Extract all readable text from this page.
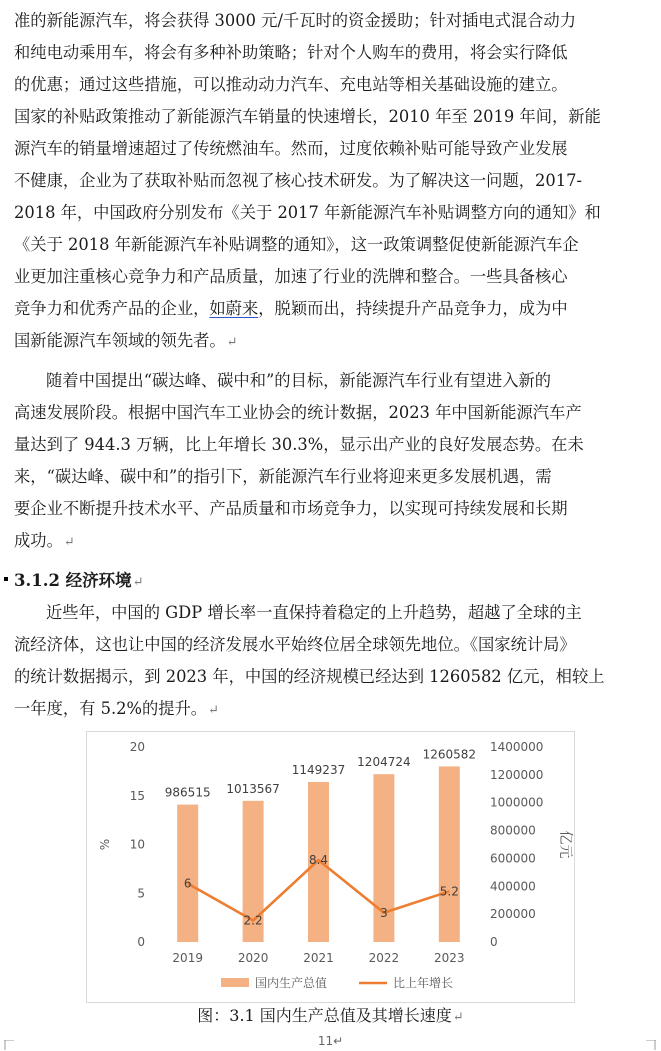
准的新能源汽车，将会获得 3000 元/千瓦时的资金援助；针对插电式混合动力
和纯电动乘用车，将会有多种补助策略；针对个人购车的费用，将会实行降低
的优惠；通过这些措施，可以推动动力汽车、充电站等相关基础设施的建立。
国家的补贴政策推动了新能源汽车销量的快速增长，2010 年至 2019 年间，新能
源汽车的销量增速超过了传统燃油车。然而，过度依赖补贴可能导致产业发展
不健康，企业为了获取补贴而忽视了核心技术研发。为了解决这一问题，2017-
2018 年，中国政府分别发布《关于 2017 年新能源汽车补贴调整方向的通知》和
《关于 2018 年新能源汽车补贴调整的通知》，这一政策调整促使新能源汽车企
业更加注重核心竞争力和产品质量，加速了行业的洗牌和整合。一些具备核心
竞争力和优秀产品的企业，如蔚来，脱颖而出，持续提升产品竞争力，成为中
国新能源汽车领域的领先者。↵
随着中国提出“碳达峰、碳中和”的目标，新能源汽车行业有望进入新的
高速发展阶段。根据中国汽车工业协会的统计数据，2023 年中国新能源汽车产
量达到了 944.3 万辆，比上年增长 30.3%，显示出产业的良好发展态势。在未
来，“碳达峰、碳中和”的指引下，新能源汽车行业将迎来更多发展机遇，需
要企业不断提升技术水平、产品质量和市场竞争力，以实现可持续发展和长期
成功。↵
3.1.2 经济环境↵
近些年，中国的 GDP 增长率一直保持着稳定的上升趋势，超越了全球的主
流经济体，这也让中国的经济发展水平始终位居全球领先地位。《国家统计局》
的统计数据揭示，到 2023 年，中国的经济规模已经达到 1260582 亿元，相较上
一年度，有 5.2%的提升。↵
0
5
10
15
20
0
200000
400000
600000
800000
1000000
1200000
1400000
%	亿元
986515 1013567
1149237
1204724
1260582
2019	2020	2021	2022	2023
6
2.2
8.4
3
5.2
国内生产总值	比上年增长
图：3.1 国内生产总值及其增长速度↵
11↵
